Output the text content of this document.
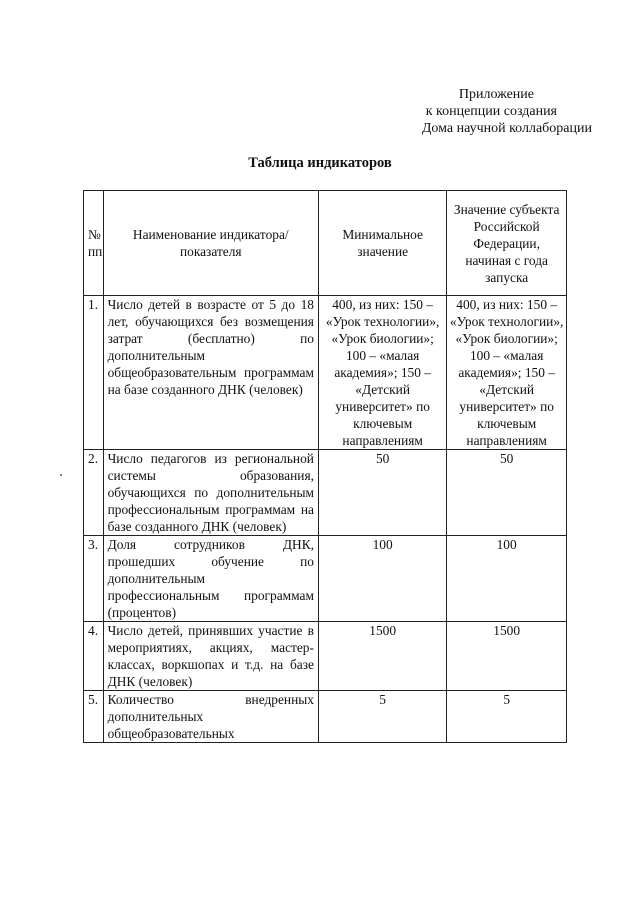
Приложение
к концепции создания
Дома научной коллаборации
Таблица индикаторов
№ пп	Наименование индикатора/показателя	Минимальное значение	Значение субъекта Российской Федерации, начиная с года запуска
1.	Число детей в возрасте от 5 до 18 лет, обучающихся без возмещения затрат (бесплатно) по дополнительным общеобразовательным программам на базе созданного ДНК (человек)	400, из них: 150 – «Урок технологии», «Урок биологии»; 100 – «малая академия»; 150 – «Детский университет» по ключевым направлениям	400, из них: 150 – «Урок технологии», «Урок биологии»; 100 – «малая академия»; 150 – «Детский университет» по ключевым направлениям
2.	Число педагогов из региональной системы образования, обучающихся по дополнительным профессиональным программам на базе созданного ДНК (человек)	50	50
3.	Доля сотрудников ДНК, прошедших обучение по дополнительным профессиональным программам (процентов)	100	100
4.	Число детей, принявших участие в мероприятиях, акциях, мастер-классах, воркшопах и т.д. на базе ДНК (человек)	1500	1500
5.	Количество внедренных дополнительных общеобразовательных	5	5
